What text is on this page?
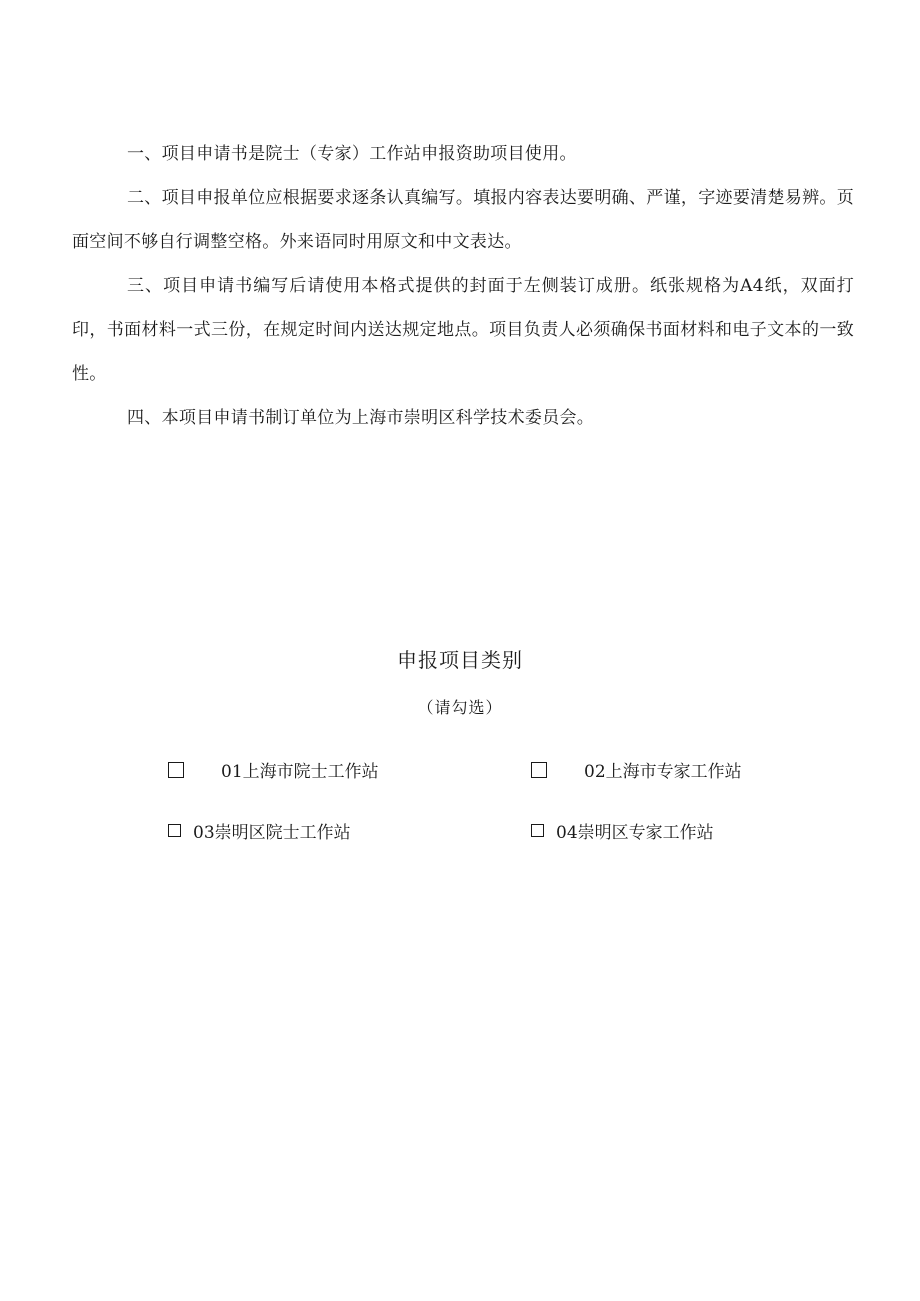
一、项目申请书是院士（专家）工作站申报资助项目使用。

二、项目申报单位应根据要求逐条认真编写。填报内容表达要明确、严谨，字迹要清楚易辨。页面空间不够自行调整空格。外来语同时用原文和中文表达。

三、项目申请书编写后请使用本格式提供的封面于左侧装订成册。纸张规格为A4纸，双面打印，书面材料一式三份，在规定时间内送达规定地点。项目负责人必须确保书面材料和电子文本的一致性。

四、本项目申请书制订单位为上海市崇明区科学技术委员会。

申报项目类别
（请勾选）
01上海市院士工作站	02上海市专家工作站
03崇明区院士工作站	04崇明区专家工作站
